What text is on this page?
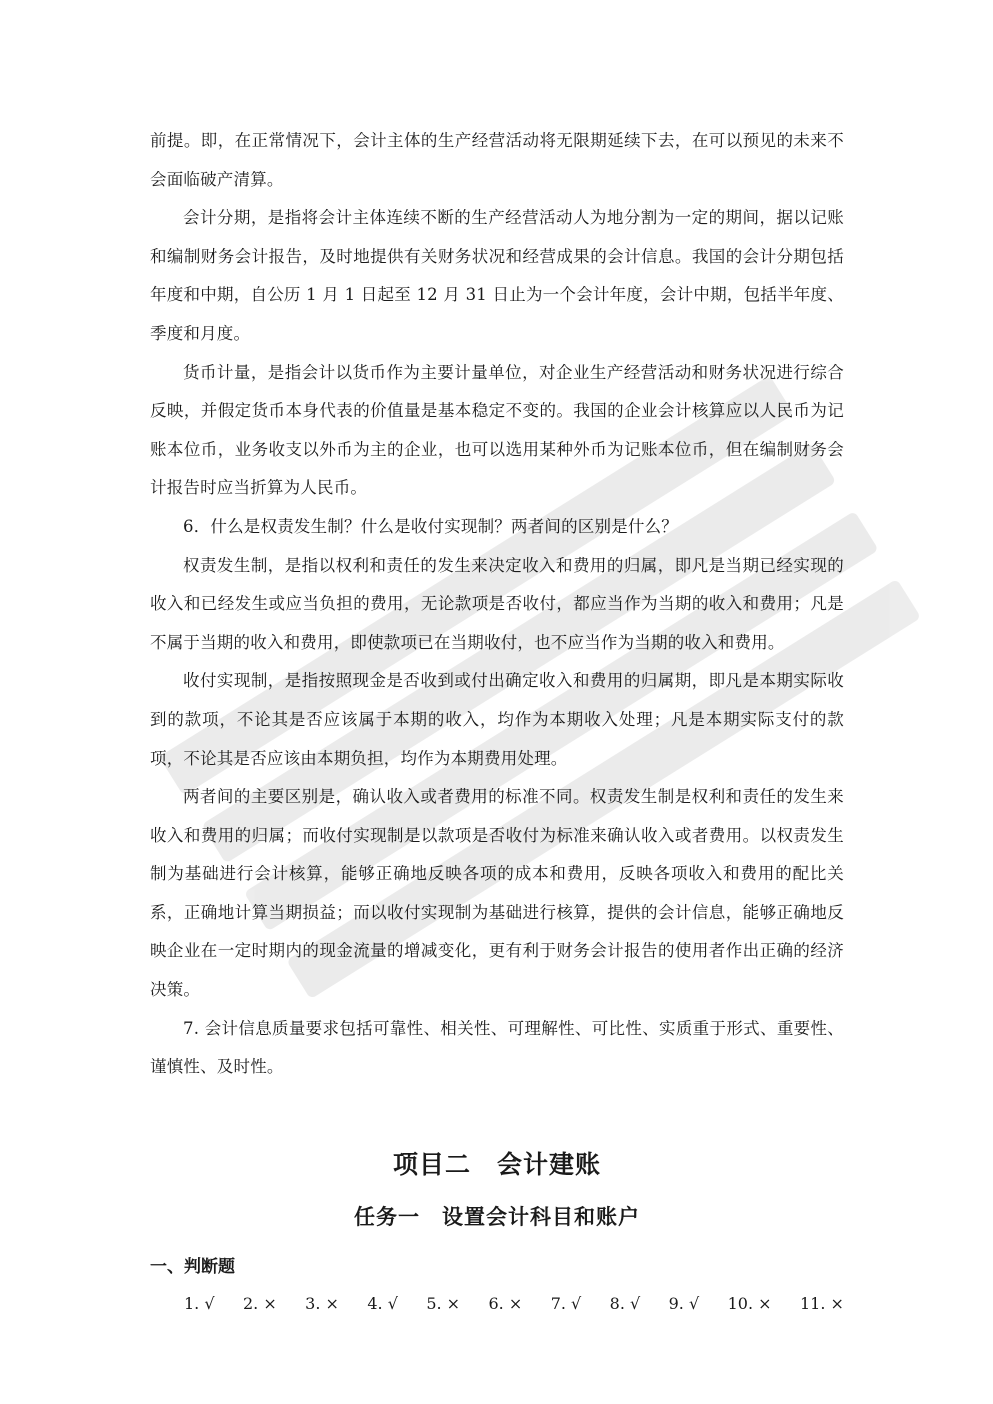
前提。即，在正常情况下，会计主体的生产经营活动将无限期延续下去，在可以预见的未来不会面临破产清算。

会计分期，是指将会计主体连续不断的生产经营活动人为地分割为一定的期间，据以记账和编制财务会计报告，及时地提供有关财务状况和经营成果的会计信息。我国的会计分期包括年度和中期，自公历 1 月 1 日起至 12 月 31 日止为一个会计年度，会计中期，包括半年度、季度和月度。

货币计量，是指会计以货币作为主要计量单位，对企业生产经营活动和财务状况进行综合反映，并假定货币本身代表的价值量是基本稳定不变的。我国的企业会计核算应以人民币为记账本位币，业务收支以外币为主的企业，也可以选用某种外币为记账本位币，但在编制财务会计报告时应当折算为人民币。

6．什么是权责发生制？什么是收付实现制？两者间的区别是什么？

权责发生制，是指以权利和责任的发生来决定收入和费用的归属，即凡是当期已经实现的收入和已经发生或应当负担的费用，无论款项是否收付，都应当作为当期的收入和费用；凡是不属于当期的收入和费用，即使款项已在当期收付，也不应当作为当期的收入和费用。

收付实现制，是指按照现金是否收到或付出确定收入和费用的归属期，即凡是本期实际收到的款项，不论其是否应该属于本期的收入，均作为本期收入处理；凡是本期实际支付的款项，不论其是否应该由本期负担，均作为本期费用处理。

两者间的主要区别是，确认收入或者费用的标准不同。权责发生制是权利和责任的发生来收入和费用的归属；而收付实现制是以款项是否收付为标准来确认收入或者费用。以权责发生制为基础进行会计核算，能够正确地反映各项的成本和费用，反映各项收入和费用的配比关系，正确地计算当期损益；而以收付实现制为基础进行核算，提供的会计信息，能够正确地反映企业在一定时期内的现金流量的增减变化，更有利于财务会计报告的使用者作出正确的经济决策。

7. 会计信息质量要求包括可靠性、相关性、可理解性、可比性、实质重于形式、重要性、谨慎性、及时性。

项目二　会计建账
任务一　设置会计科目和账户
一、判断题
1. √ 2. × 3. × 4. √ 5. × 6. × 7. √ 8. √ 9. √ 10. × 11. ×
